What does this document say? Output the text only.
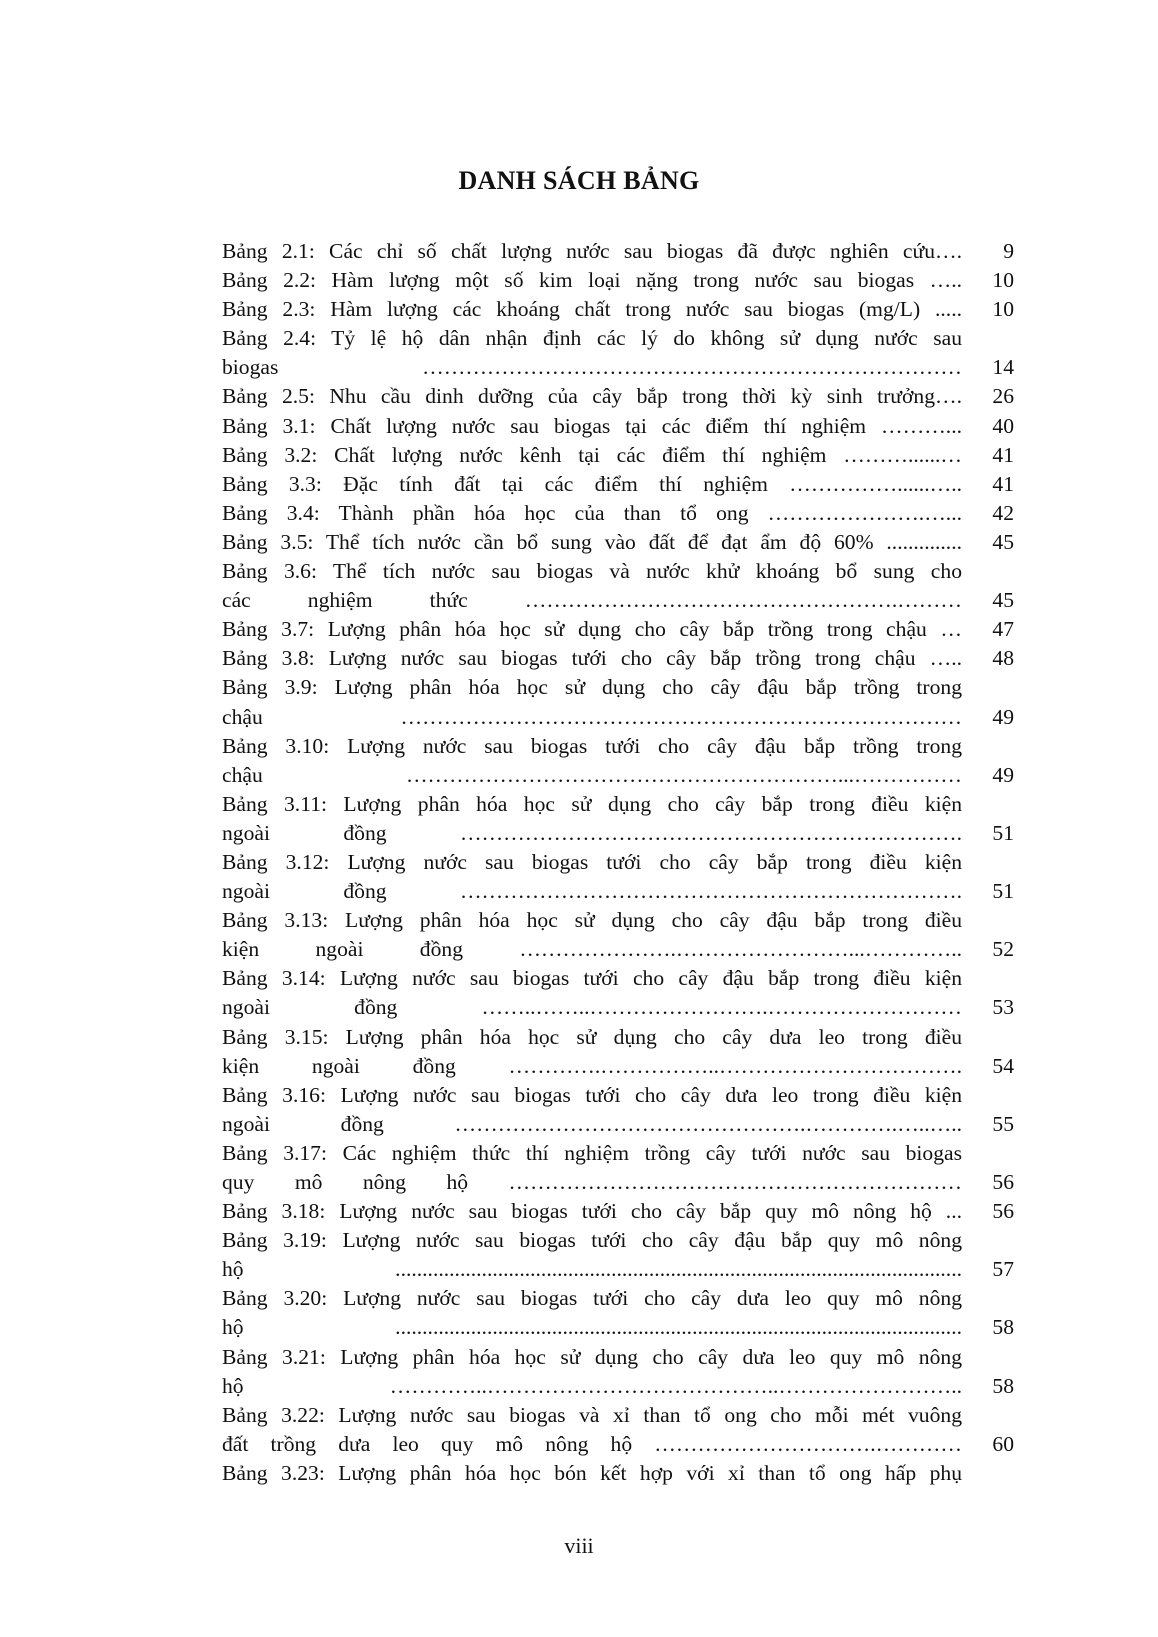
DANH SÁCH BẢNG
Bảng 2.1: Các chỉ số chất lượng nước sau biogas đã được nghiên cứu….	9
Bảng 2.2: Hàm lượng một số kim loại nặng trong nước sau biogas …..	10
Bảng 2.3: Hàm lượng các khoáng chất trong nước sau biogas (mg/L) .....	10
Bảng 2.4: Tỷ lệ hộ dân nhận định các lý do không sử dụng nước sau
biogas …………………………………………………………………	14
Bảng 2.5: Nhu cầu dinh dưỡng của cây bắp trong thời kỳ sinh trưởng….	26
Bảng 3.1: Chất lượng nước sau biogas tại các điểm thí nghiệm ………...	40
Bảng 3.2: Chất lượng nước kênh tại các điểm thí nghiệm ………......…	41
Bảng 3.3: Đặc tính đất tại các điểm thí nghiệm ……………......…..	41
Bảng 3.4: Thành phần hóa học của than tổ ong ………………….…...	42
Bảng 3.5: Thể tích nước cần bổ sung vào đất để đạt ẩm độ 60% ..............	45
Bảng 3.6: Thể tích nước sau biogas và nước khử khoáng bổ sung cho
các nghiệm thức …………………………………………….………	45
Bảng 3.7: Lượng phân hóa học sử dụng cho cây bắp trồng trong chậu …	47
Bảng 3.8: Lượng nước sau biogas tưới cho cây bắp trồng trong chậu …..	48
Bảng 3.9: Lượng phân hóa học sử dụng cho cây đậu bắp trồng trong
chậu ……………………………………………………………………	49
Bảng 3.10: Lượng nước sau biogas tưới cho cây đậu bắp trồng trong
chậu ……………………………………………………...……………	49
Bảng 3.11: Lượng phân hóa học sử dụng cho cây bắp trong điều kiện
ngoài đồng …………………………………………………………….	51
Bảng 3.12: Lượng nước sau biogas tưới cho cây bắp trong điều kiện
ngoài đồng …………………………………………………………….	51
Bảng 3.13: Lượng phân hóa học sử dụng cho cây đậu bắp trong điều
kiện ngoài đồng ………………….……………………...…………..	52
Bảng 3.14: Lượng nước sau biogas tưới cho cây đậu bắp trong điều kiện
ngoài đồng ……..……..…………………….………………………	53
Bảng 3.15: Lượng phân hóa học sử dụng cho cây dưa leo trong điều
kiện ngoài đồng ………….……………..…………………………….	54
Bảng 3.16: Lượng nước sau biogas tưới cho cây dưa leo trong điều kiện
ngoài đồng ………………………………………….………….…..…..	55
Bảng 3.17: Các nghiệm thức thí nghiệm trồng cây tưới nước sau biogas
quy mô nông hộ ………………………………………………………	56
Bảng 3.18: Lượng nước sau biogas tưới cho cây bắp quy mô nông hộ ...	56
Bảng 3.19: Lượng nước sau biogas tưới cho cây đậu bắp quy mô nông
hộ .........................................................................................................	57
Bảng 3.20: Lượng nước sau biogas tưới cho cây dưa leo quy mô nông
hộ .........................................................................................................	58
Bảng 3.21: Lượng phân hóa học sử dụng cho cây dưa leo quy mô nông
hộ …………..…………………………………..……………………..	58
Bảng 3.22: Lượng nước sau biogas và xỉ than tổ ong cho mỗi mét vuông
đất trồng dưa leo quy mô nông hộ ………………………….…………	60
Bảng 3.23: Lượng phân hóa học bón kết hợp với xỉ than tổ ong hấp phụ
viii
